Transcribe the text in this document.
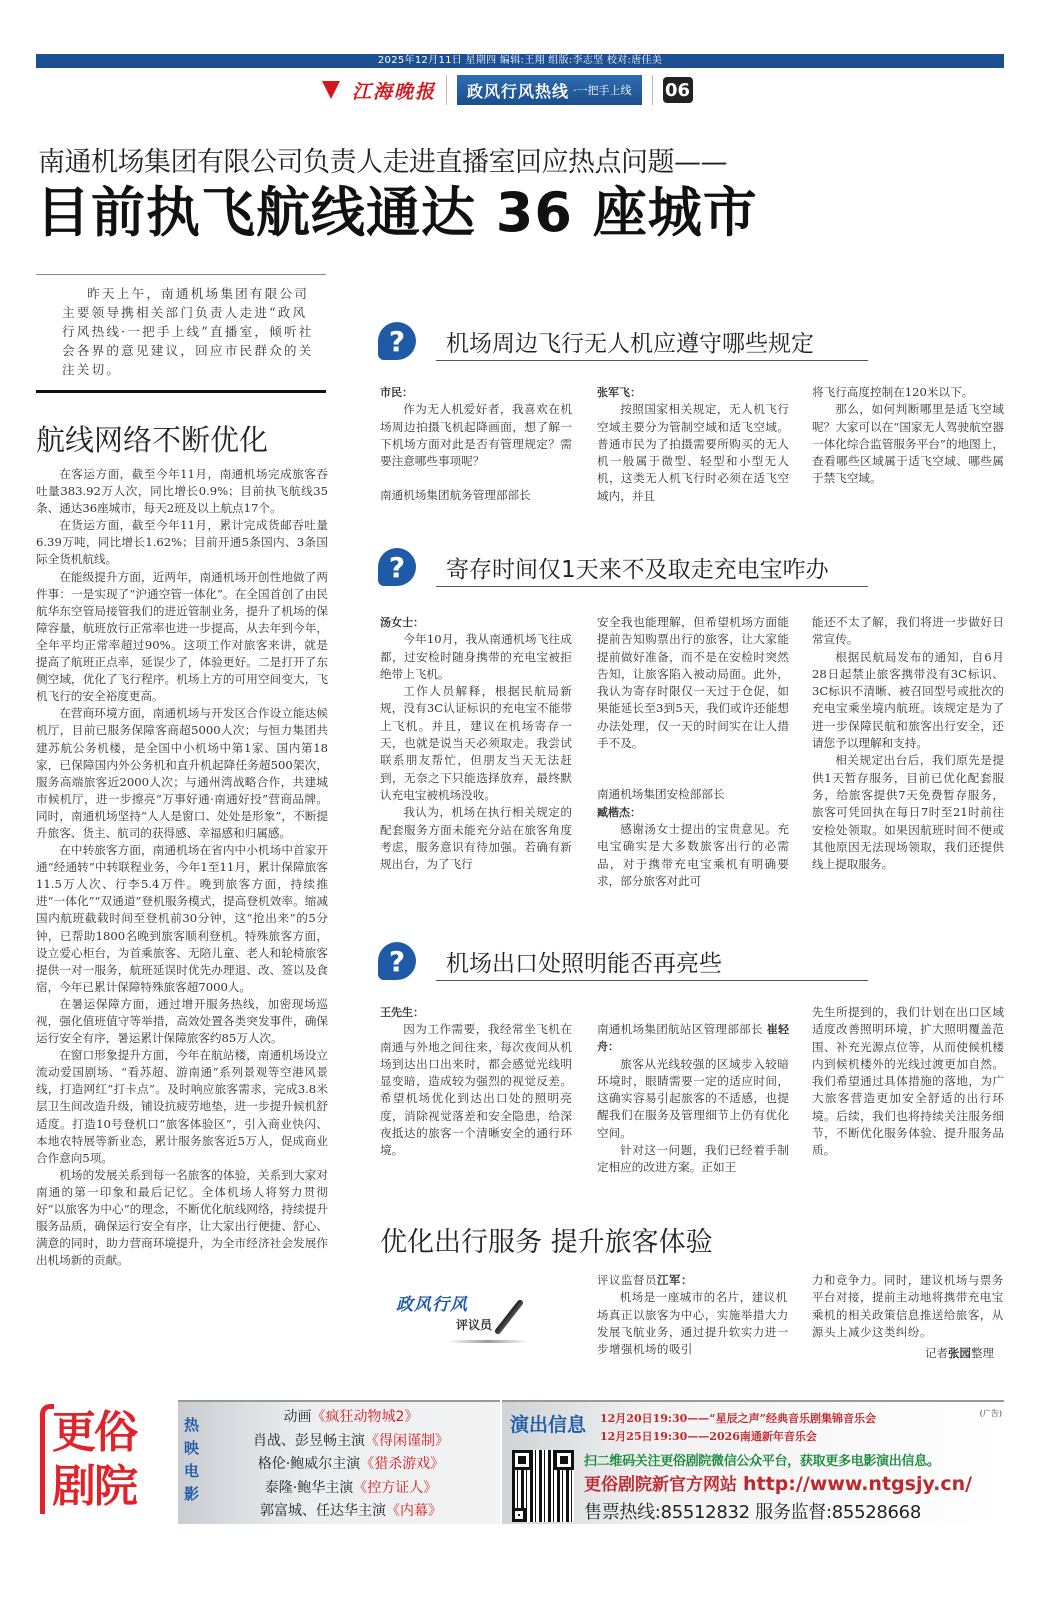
2025年12月11日 星期四 编辑:王翔 组版:李志坚 校对:唐佳美
江海晚报 政风行风热线 ·一把手上线 06
南通机场集团有限公司负责人走进直播室回应热点问题——
目前执飞航线通达 36 座城市
昨天上午，南通机场集团有限公司主要领导携相关部门负责人走进“政风行风热线·一把手上线”直播室，倾听社会各界的意见建议，回应市民群众的关注关切。
航线网络不断优化

在客运方面，截至今年11月，南通机场完成旅客吞吐量383.92万人次，同比增长0.9%；目前执飞航线35条、通达36座城市，每天2班及以上航点17个。

在货运方面，截至今年11月，累计完成货邮吞吐量6.39万吨，同比增长1.62%；目前开通5条国内、3条国际全货机航线。

在能级提升方面，近两年，南通机场开创性地做了两件事：一是实现了“沪通空管一体化”。在全国首创了由民航华东空管局接管我们的进近管制业务，提升了机场的保障容量，航班放行正常率也进一步提高，从去年到今年，全年平均正常率超过90%。这项工作对旅客来讲，就是提高了航班正点率，延误少了，体验更好。二是打开了东侧空域，优化了飞行程序。机场上方的可用空间变大，飞机飞行的安全裕度更高。

在营商环境方面，南通机场与开发区合作设立能达候机厅，目前已服务保障客商超5000人次；与恒力集团共建苏航公务机楼，是全国中小机场中第1家、国内第18家，已保障国内外公务机和直升机起降任务超500架次，服务高端旅客近2000人次；与通州湾战略合作，共建城市候机厅，进一步擦亮“万事好通·南通好投”营商品牌。同时，南通机场坚持“人人是窗口、处处是形象”，不断提升旅客、货主、航司的获得感、幸福感和归属感。

在中转旅客方面，南通机场在省内中小机场中首家开通“经通转”中转联程业务，今年1至11月，累计保障旅客11.5万人次、行李5.4万件。晚到旅客方面，持续推进“一体化”“双通道”登机服务模式，提高登机效率。缩减国内航班截载时间至登机前30分钟，这“抢出来”的5分钟，已帮助1800名晚到旅客顺利登机。特殊旅客方面，设立爱心柜台，为首乘旅客、无陪儿童、老人和轮椅旅客提供一对一服务，航班延误时优先办理退、改、签以及食宿，今年已累计保障特殊旅客超7000人。

在暑运保障方面，通过增开服务热线，加密现场巡视，强化值班值守等举措，高效处置各类突发事件，确保运行安全有序，暑运累计保障旅客约85万人次。

在窗口形象提升方面，今年在航站楼，南通机场设立流动爱国剧场、“看苏超、游南通”系列景观等空港风景线，打造网红“打卡点”。及时响应旅客需求，完成3.8米层卫生间改造升级，铺设抗疲劳地垫，进一步提升候机舒适度。打造10号登机口“旅客体验区”，引入商业快闪、本地农特展等新业态，累计服务旅客近5万人，促成商业合作意向5项。

机场的发展关系到每一名旅客的体验，关系到大家对南通的第一印象和最后记忆。全体机场人将努力贯彻好“以旅客为中心”的理念，不断优化航线网络，持续提升服务品质，确保运行安全有序，让大家出行便捷、舒心、满意的同时，助力营商环境提升，为全市经济社会发展作出机场新的贡献。

?	机场周边飞行无人机应遵守哪些规定

市民：

作为无人机爱好者，我喜欢在机场周边拍摄飞机起降画面，想了解一下机场方面对此是否有管理规定？需要注意哪些事项呢？

南通机场集团航务管理部部长

张军飞：

按照国家相关规定，无人机飞行空域主要分为管制空域和适飞空域。普通市民为了拍摄需要所购买的无人机一般属于微型、轻型和小型无人机，这类无人机飞行时必须在适飞空域内，并且

将飞行高度控制在120米以下。

那么，如何判断哪里是适飞空域呢？大家可以在“国家无人驾驶航空器一体化综合监管服务平台”的地图上，查看哪些区域属于适飞空域、哪些属于禁飞空域。

?	寄存时间仅1天来不及取走充电宝咋办

汤女士：

今年10月，我从南通机场飞往成都，过安检时随身携带的充电宝被拒绝带上飞机。

工作人员解释，根据民航局新规，没有3C认证标识的充电宝不能带上飞机。并且，建议在机场寄存一天，也就是说当天必须取走。我尝试联系朋友帮忙，但朋友当天无法赶到，无奈之下只能选择放弃，最终默认充电宝被机场没收。

我认为，机场在执行相关规定的配套服务方面未能充分站在旅客角度考虑，服务意识有待加强。若确有新规出台，为了飞行

安全我也能理解，但希望机场方面能提前告知购票出行的旅客，让大家能提前做好准备，而不是在安检时突然告知，让旅客陷入被动局面。此外，我认为寄存时限仅一天过于仓促，如果能延长至3到5天，我们或许还能想办法处理，仅一天的时间实在让人措手不及。

南通机场集团安检部部长

臧楷杰：

感谢汤女士提出的宝贵意见。充电宝确实是大多数旅客出行的必需品，对于携带充电宝乘机有明确要求，部分旅客对此可

能还不太了解，我们将进一步做好日常宣传。

根据民航局发布的通知，自6月28日起禁止旅客携带没有3C标识、3C标识不清晰、被召回型号或批次的充电宝乘坐境内航班。该规定是为了进一步保障民航和旅客出行安全，还请您予以理解和支持。

相关规定出台后，我们原先是提供1天暂存服务，目前已优化配套服务，给旅客提供7天免费暂存服务，旅客可凭回执在每日7时至21时前往安检处领取。如果因航班时间不便或其他原因无法现场领取，我们还提供线上提取服务。

?	机场出口处照明能否再亮些

王先生：

因为工作需要，我经常坐飞机在南通与外地之间往来，每次夜间从机场到达出口出来时，都会感觉光线明显变暗，造成较为强烈的视觉反差。希望机场优化到达出口处的照明亮度，消除视觉落差和安全隐患，给深夜抵达的旅客一个清晰安全的通行环境。

南通机场集团航站区管理部部长 崔轻舟：

旅客从光线较强的区域步入较暗环境时，眼睛需要一定的适应时间，这确实容易引起旅客的不适感，也提醒我们在服务及管理细节上仍有优化空间。

针对这一问题，我们已经着手制定相应的改进方案。正如王

先生所提到的，我们计划在出口区域适度改善照明环境，扩大照明覆盖范围、补充光源点位等，从而使候机楼内到候机楼外的光线过渡更加自然。我们希望通过具体措施的落地，为广大旅客营造更加安全舒适的出行环境。后续，我们也将持续关注服务细节，不断优化服务体验、提升服务品质。

优化出行服务 提升旅客体验
政风行风
评议员

评议监督员江军：

机场是一座城市的名片，建议机场真正以旅客为中心，实施举措大力发展飞航业务，通过提升软实力进一步增强机场的吸引

力和竞争力。同时，建议机场与票务平台对接，提前主动地将携带充电宝乘机的相关政策信息推送给旅客，从源头上减少这类纠纷。

记者张园整理
更俗
剧院
热映电影
动画《疯狂动物城2》
肖战、彭昱畅主演《得闲谨制》
格伦·鲍威尔主演《猎杀游戏》
泰隆·鲍华主演《控方证人》
郭富城、任达华主演《内幕》
演出信息
(广告)
12月20日19:30——“星辰之声”经典音乐剧集锦音乐会
12月25日19:30——2026南通新年音乐会
扫二维码关注更俗剧院微信公众平台，获取更多电影演出信息。
更俗剧院新官方网站 http://www.ntgsjy.cn/
售票热线:85512832 服务监督:85528668
